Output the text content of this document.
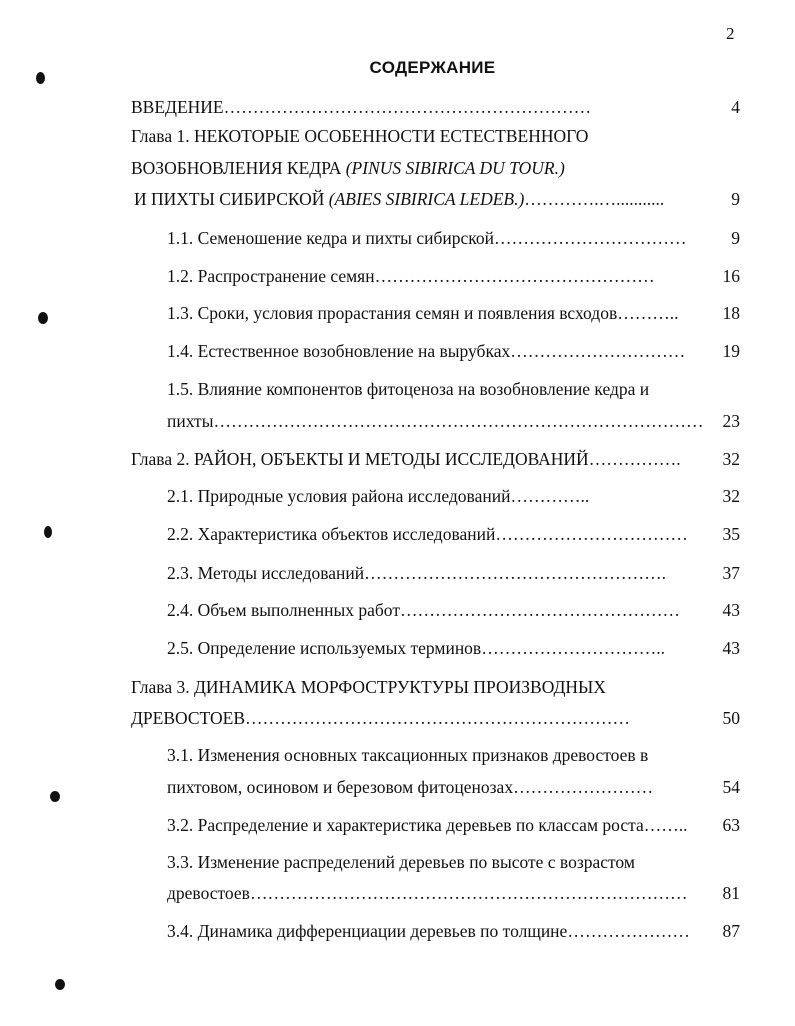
2
СОДЕРЖАНИЕ
ВВЕДЕНИЕ………………………………………………………	4
Глава 1. НЕКОТОРЫЕ ОСОБЕННОСТИ ЕСТЕСТВЕННОГО
ВОЗОБНОВЛЕНИЯ КЕДРА (PINUS SIBIRICA DU TOUR.)
И ПИХТЫ СИБИРСКОЙ (ABIES SIBIRICA LEDEB.)………….…...........	9
1.1. Семеношение кедра и пихты сибирской……………………………	9
1.2. Распространение семян…………………………………………	16
1.3. Сроки, условия прорастания семян и появления всходов………..	18
1.4. Естественное возобновление на вырубках…………………………	19
1.5. Влияние компонентов фитоценоза на возобновление кедра и
пихты…………………………………………………………………………	23
Глава 2. РАЙОН, ОБЪЕКТЫ И МЕТОДЫ ИССЛЕДОВАНИЙ…………….	32
2.1. Природные условия района исследований…………..	32
2.2. Характеристика объектов исследований……………………………	35
2.3. Методы исследований…………………………………………….	37
2.4. Объем выполненных работ…………………………………………	43
2.5. Определение используемых терминов…………………………..	43
Глава 3. ДИНАМИКА МОРФОСТРУКТУРЫ ПРОИЗВОДНЫХ
ДРЕВОСТОЕВ…………………………………………………………	50
3.1. Изменения основных таксационных признаков древостоев в
пихтовом, осиновом и березовом фитоценозах……………………	54
3.2. Распределение и характеристика деревьев по классам роста……..	63
3.3. Изменение распределений деревьев по высоте с возрастом
древостоев…………………………………………………………………	81
3.4. Динамика дифференциации деревьев по толщине…………………	87
